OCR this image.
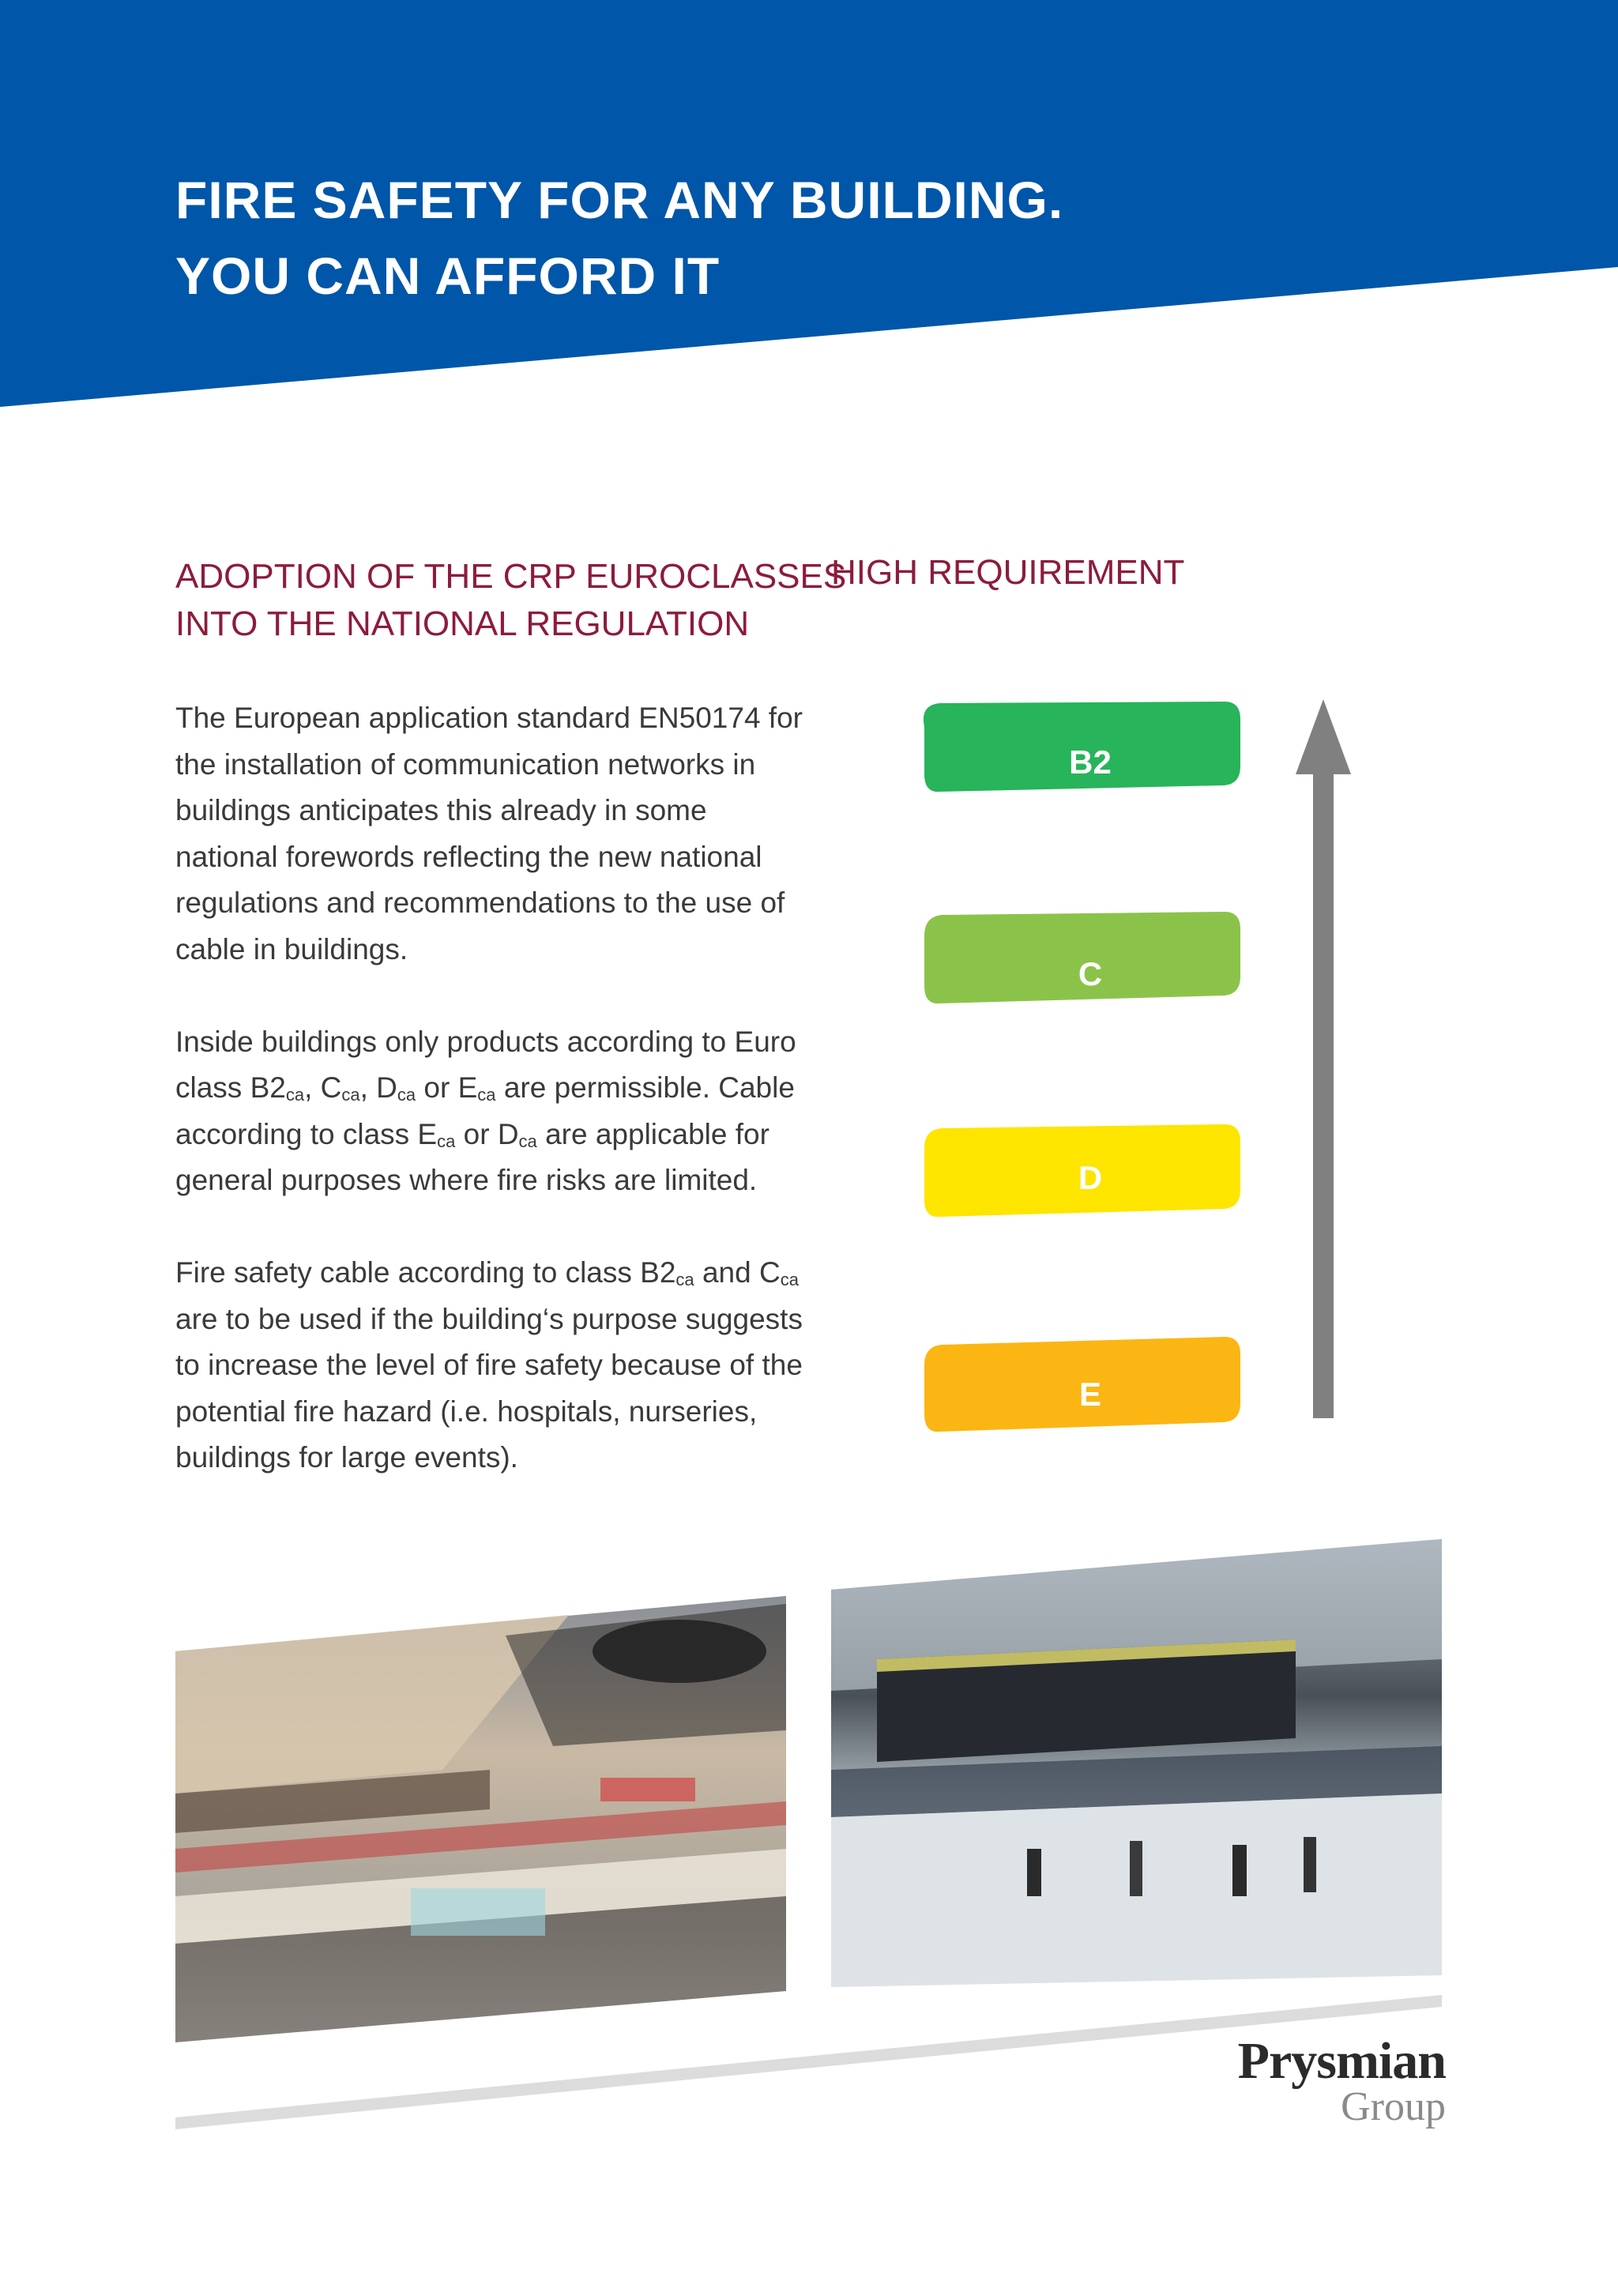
FIRE SAFETY FOR ANY BUILDING.
YOU CAN AFFORD IT
ADOPTION OF THE CRP EUROCLASSES
INTO THE NATIONAL REGULATION
HIGH REQUIREMENT

The European application standard EN50174 for the installation of communication networks in buildings anticipates this already in some national forewords reflecting the new national regulations and recommendations to the use of cable in buildings.

Inside buildings only products according to Euro class $B2_{ca}$, $C_{ca}$, $D_{ca}$ or $E_{ca}$ are permissible. Cable according to class $E_{ca}$ or $D_{ca}$ are applicable for general purposes where fire risks are limited.

Fire safety cable according to class $B2_{ca}$ and $C_{ca}$  are to be used if the building‘s purpose suggests to increase the level of fire safety because of the potential fire hazard (i.e. hospitals, nurseries, buildings for large events).

B2
$_{ca}$
CPR
C
$_{ca}$
CPR
D
$_{ca}$
CPR
E
$_{ca}$
CPR
Prysmian
Group
